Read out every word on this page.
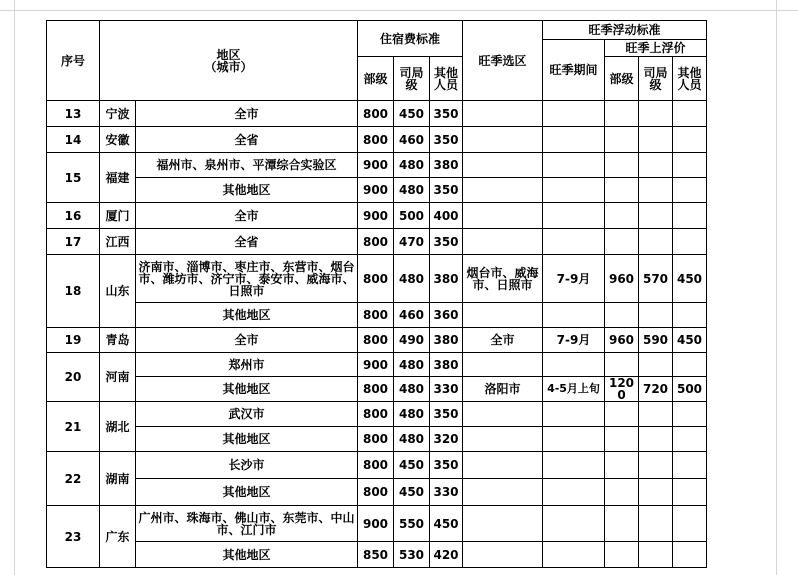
序号	地区
（城市）		住宿费标准			旺季选区	旺季浮动标准			
							旺季期间	旺季上浮价		
			部级	司局级	其他人员			部级	司局级	其他人员
13	宁波	全市	800	450	350					
14	安徽	全省	800	460	350					
15	福建	福州市、泉州市、平潭综合实验区	900	480	380					
		其他地区	900	480	350					
16	厦门	全市	900	500	400					
17	江西	全省	800	470	350					
18	山东	济南市、淄博市、枣庄市、东营市、烟台市、潍坊市、济宁市、泰安市、威海市、日照市	800	480	380	烟台市、威海市、日照市	7-9月	960	570	450
		其他地区	800	460	360					
19	青岛	全市	800	490	380	全市	7-9月	960	590	450
20	河南	郑州市	900	480	380					
		其他地区	800	480	330	洛阳市	4-5月上旬	1200	720	500
21	湖北	武汉市	800	480	350					
		其他地区	800	480	320					
22	湖南	长沙市	800	450	350					
		其他地区	800	450	330					
23	广东	广州市、珠海市、佛山市、东莞市、中山市、江门市	900	550	450					
		其他地区	850	530	420					
